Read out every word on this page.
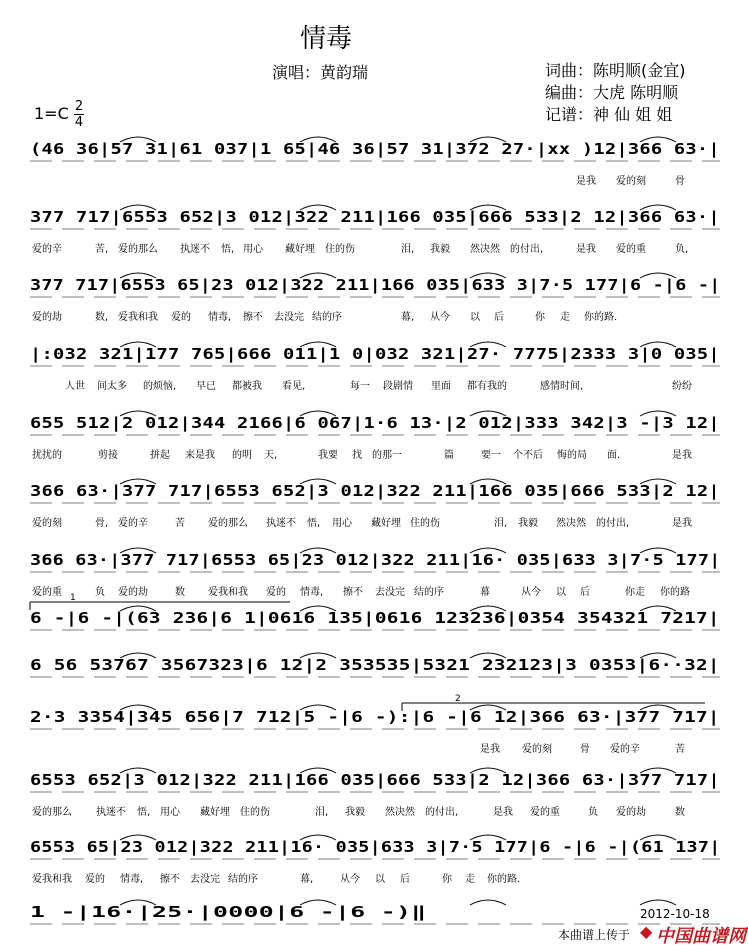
情毒
演唱：黄韵瑞	词曲：陈明顺(金宜)
编曲：大虎 陈明顺
记谱：神 仙 姐 姐
1=C 2
4
(46 36|57 31|61 037|1 65|46 36|57 31|372 27·|xx )12|366 63·|
是我 爱的刻	骨
377 717|6553 652|3 012|322 211|166 035|666 533|2 12|366 63·|
爱的辛	苦, 爱的那么 执迷不 悟, 用心 藏好埋 住的伤	泪, 我毅 然决然 的付出,	是我 爱的重	负,
377 717|6553 65|23 012|322 211|166 035|633 3|7·5 177|6 -|6 -|
爱的劫	数, 爱我和我 爱的 情毒, 擦不 去没完 结的序	幕, 从今 以 后	你 走 你的路.
|:032 321|177 765|666 011|1 0|032 321|27· 7775|2333 3|0 035|
人世 间太多 的烦恼, 早已 都被我 看见,	每一 段剧情 里面 都有我的	感情时间,	纷纷
655 512|2 012|344 2166|6 067|1·6 13·|2 012|333 342|3 -|3 12|
扰扰的	剪接	拼起 来是我 的明 天,	我要 找 的那一	篇	要一 个不后 悔的局 面.	是我
366 63·|377 717|6553 652|3 012|322 211|166 035|666 533|2 12|
爱的刻	骨, 爱的辛	苦 爱的那么 执迷不 悟, 用心 藏好埋 住的伤	泪, 我毅 然决然 的付出,	是我
366 63·|377 717|6553 65|23 012|322 211|16· 035|633 3|7·5 177|
爱的重	负 爱的劫	数 爱我和我 爱的 情毒, 擦不 去没完 结的序	幕	从今 以 后	你走 你的路
6 -|6 -|(63 236|6 1|0616 135|0616 123236|0354 354321 7217|
6 56 53767 3567323|6 12|2 353535|5321 232123|3 0353|6··32|
2·3 3354|345 656|7 712|5 -|6 -):|6 -|6 12|366 63·|377 717|
是我 爱的刻	骨 爱的辛	苦
6553 652|3 012|322 211|166 035|666 533|2 12|366 63·|377 717|
爱的那么 执迷不 悟, 用心 藏好埋 住的伤	泪, 我毅 然决然 的付出,	是我 爱的重	负 爱的劫	数
6553 65|23 012|322 211|16· 035|633 3|7·5 177|6 -|6 -|(61 137|
爱我和我 爱的 情毒, 擦不 去没完 结的序	幕,	从今 以 后	你 走 你的路.
1 -|16·|25·|0000|6 -|6 -)‖
1
2
2012-10-18
本曲谱上传于 ◆ 中国曲谱网
